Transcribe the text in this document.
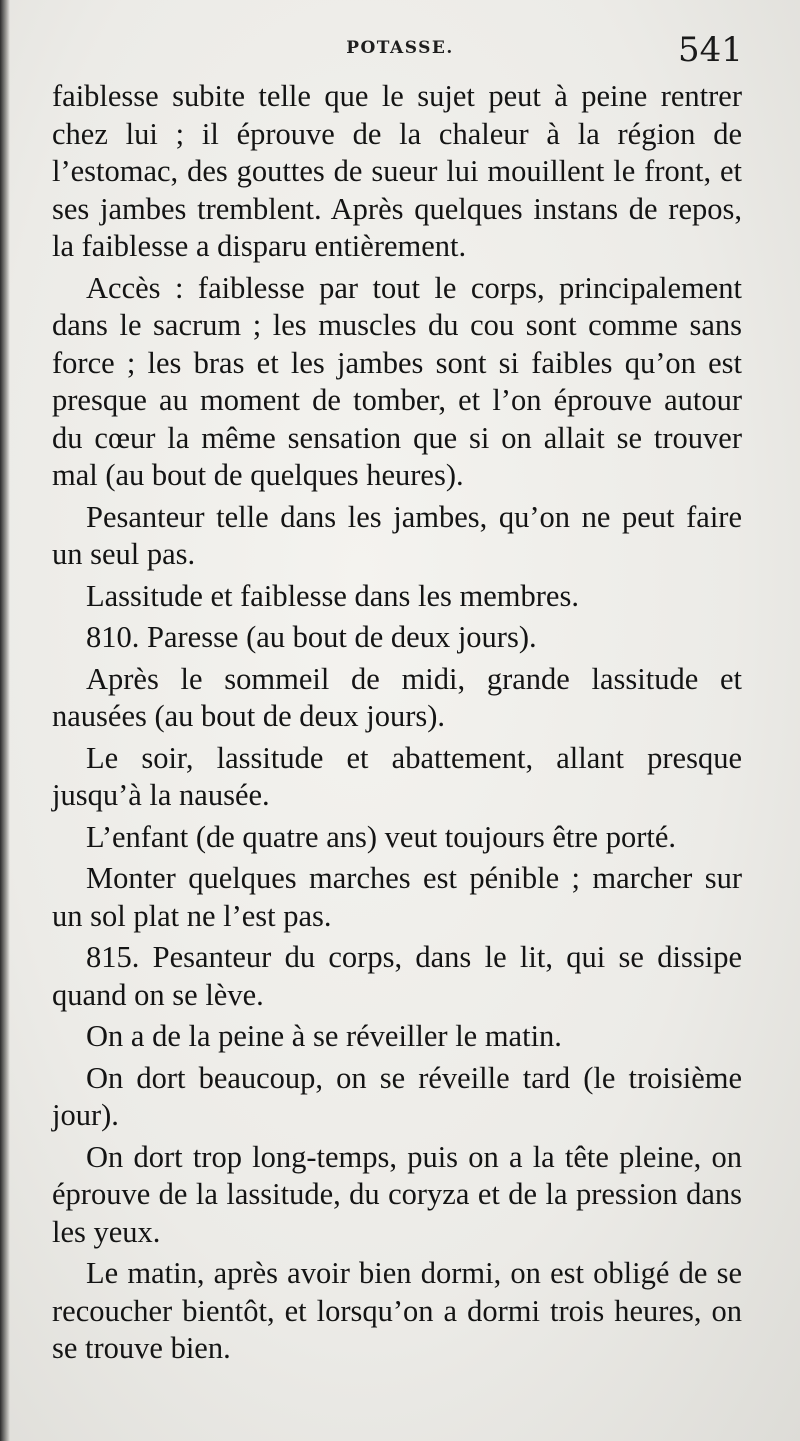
POTASSE.	541

faiblesse subite telle que le sujet peut à peine rentrer chez lui ; il éprouve de la chaleur à la région de l’estomac, des gouttes de sueur lui mouillent le front, et ses jambes tremblent. Après quelques instans de repos, la faiblesse a disparu entièrement.

Accès : faiblesse par tout le corps, principalement dans le sacrum ; les muscles du cou sont comme sans force ; les bras et les jambes sont si faibles qu’on est presque au moment de tomber, et l’on éprouve autour du cœur la même sensation que si on allait se trouver mal (au bout de quelques heures).

Pesanteur telle dans les jambes, qu’on ne peut faire un seul pas.

Lassitude et faiblesse dans les membres.

810. Paresse (au bout de deux jours).

Après le sommeil de midi, grande lassitude et nausées (au bout de deux jours).

Le soir, lassitude et abattement, allant presque jusqu’à la nausée.

L’enfant (de quatre ans) veut toujours être porté.

Monter quelques marches est pénible ; marcher sur un sol plat ne l’est pas.

815. Pesanteur du corps, dans le lit, qui se dissipe quand on se lève.

On a de la peine à se réveiller le matin.

On dort beaucoup, on se réveille tard (le troisième jour).

On dort trop long-temps, puis on a la tête pleine, on éprouve de la lassitude, du coryza et de la pression dans les yeux.

Le matin, après avoir bien dormi, on est obligé de se recoucher bientôt, et lorsqu’on a dormi trois heures, on se trouve bien.
